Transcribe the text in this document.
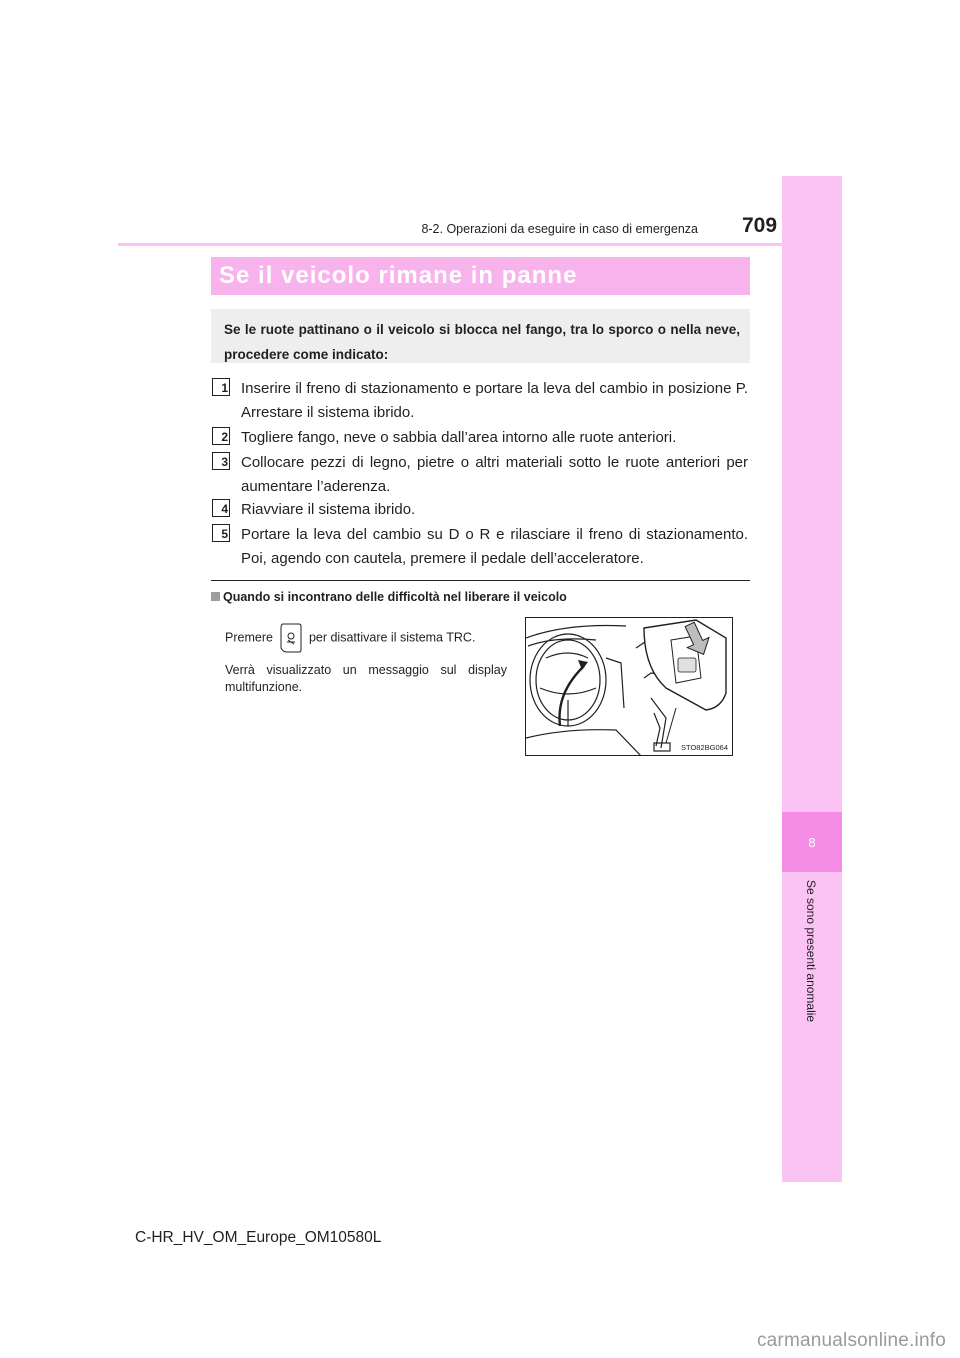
8
Se sono presenti anomalie
8-2. Operazioni da eseguire in caso di emergenza 709
Se il veicolo rimane in panne
Se le ruote pattinano o il veicolo si blocca nel fango, tra lo sporco o nella neve, procedere come indicato:
1 Inserire il freno di stazionamento e portare la leva del cambio in posizione P. Arrestare il sistema ibrido.
2 Togliere fango, neve o sabbia dall’area intorno alle ruote anteriori.
3 Collocare pezzi di legno, pietre o altri materiali sotto le ruote anteriori per aumentare l’aderenza.
4 Riavviare il sistema ibrido.
5 Portare la leva del cambio su D o R e rilasciare il freno di stazionamento. Poi, agendo con cautela, premere il pedale dell’acceleratore.
Quando si incontrano delle difficoltà nel liberare il veicolo
Premere	per disattivare il sistema TRC.
Verrà visualizzato un messaggio sul display multifunzione.
STO82BG064
C-HR_HV_OM_Europe_OM10580L
carmanualsonline.info
